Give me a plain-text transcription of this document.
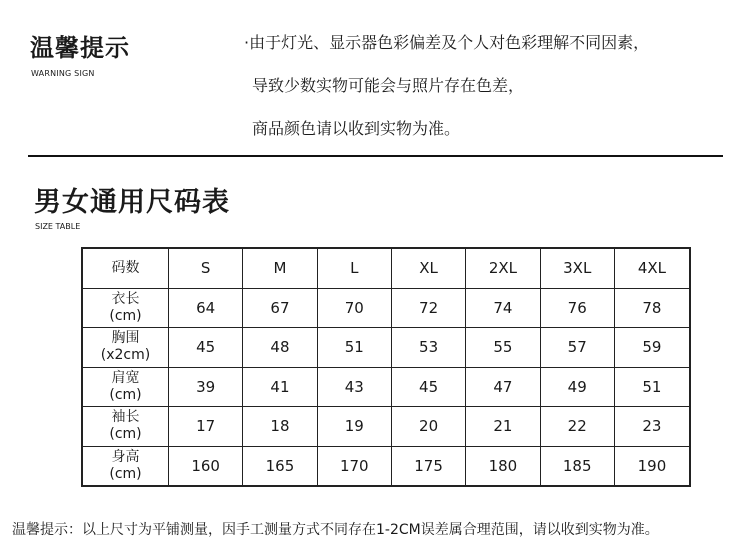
温馨提示
WARNING SIGN
·由于灯光、显示器色彩偏差及个人对色彩理解不同因素，
导致少数实物可能会与照片存在色差，
商品颜色请以收到实物为准。
男女通用尺码表
SIZE TABLE
码数	S	M	L	XL	2XL	3XL	4XL

衣长
(cm)	64	67	70	72	74	76	78

胸围
(x2cm)	45	48	51	53	55	57	59

肩宽
(cm)	39	41	43	45	47	49	51

袖长
(cm)	17	18	19	20	21	22	23

身高
(cm)	160	165	170	175	180	185	190
温馨提示：以上尺寸为平铺测量，因手工测量方式不同存在1-2CM误差属合理范围，请以收到实物为准。
